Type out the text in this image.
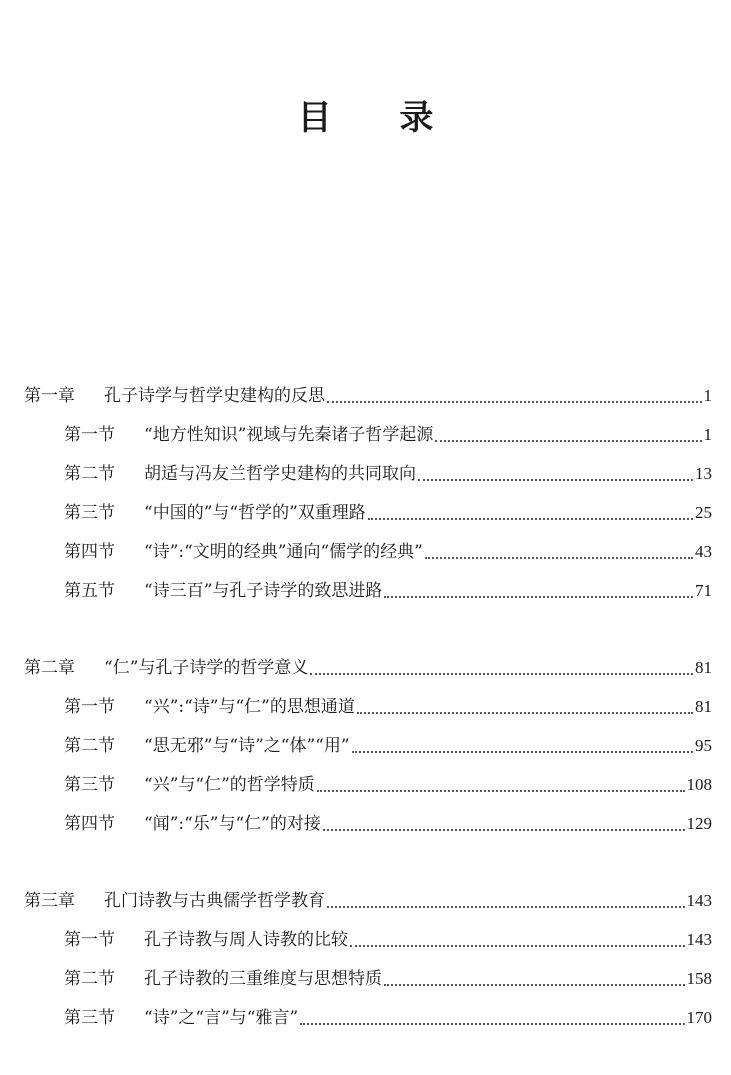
目 录
第一章	孔子诗学与哲学史建构的反思	1
第一节	“地方性知识”视域与先秦诸子哲学起源	1
第二节	胡适与冯友兰哲学史建构的共同取向	13
第三节	“中国的”与“哲学的”双重理路	25
第四节	“诗”:“文明的经典”通向“儒学的经典”	43
第五节	“诗三百”与孔子诗学的致思进路	71
第二章	“仁”与孔子诗学的哲学意义	81
第一节	“兴”:“诗”与“仁”的思想通道	81
第二节	“思无邪”与“诗”之“体”“用”	95
第三节	“兴”与“仁”的哲学特质	108
第四节	“闻”:“乐”与“仁”的对接	129
第三章	孔门诗教与古典儒学哲学教育	143
第一节	孔子诗教与周人诗教的比较	143
第二节	孔子诗教的三重维度与思想特质	158
第三节	“诗”之“言”与“雅言”	170
